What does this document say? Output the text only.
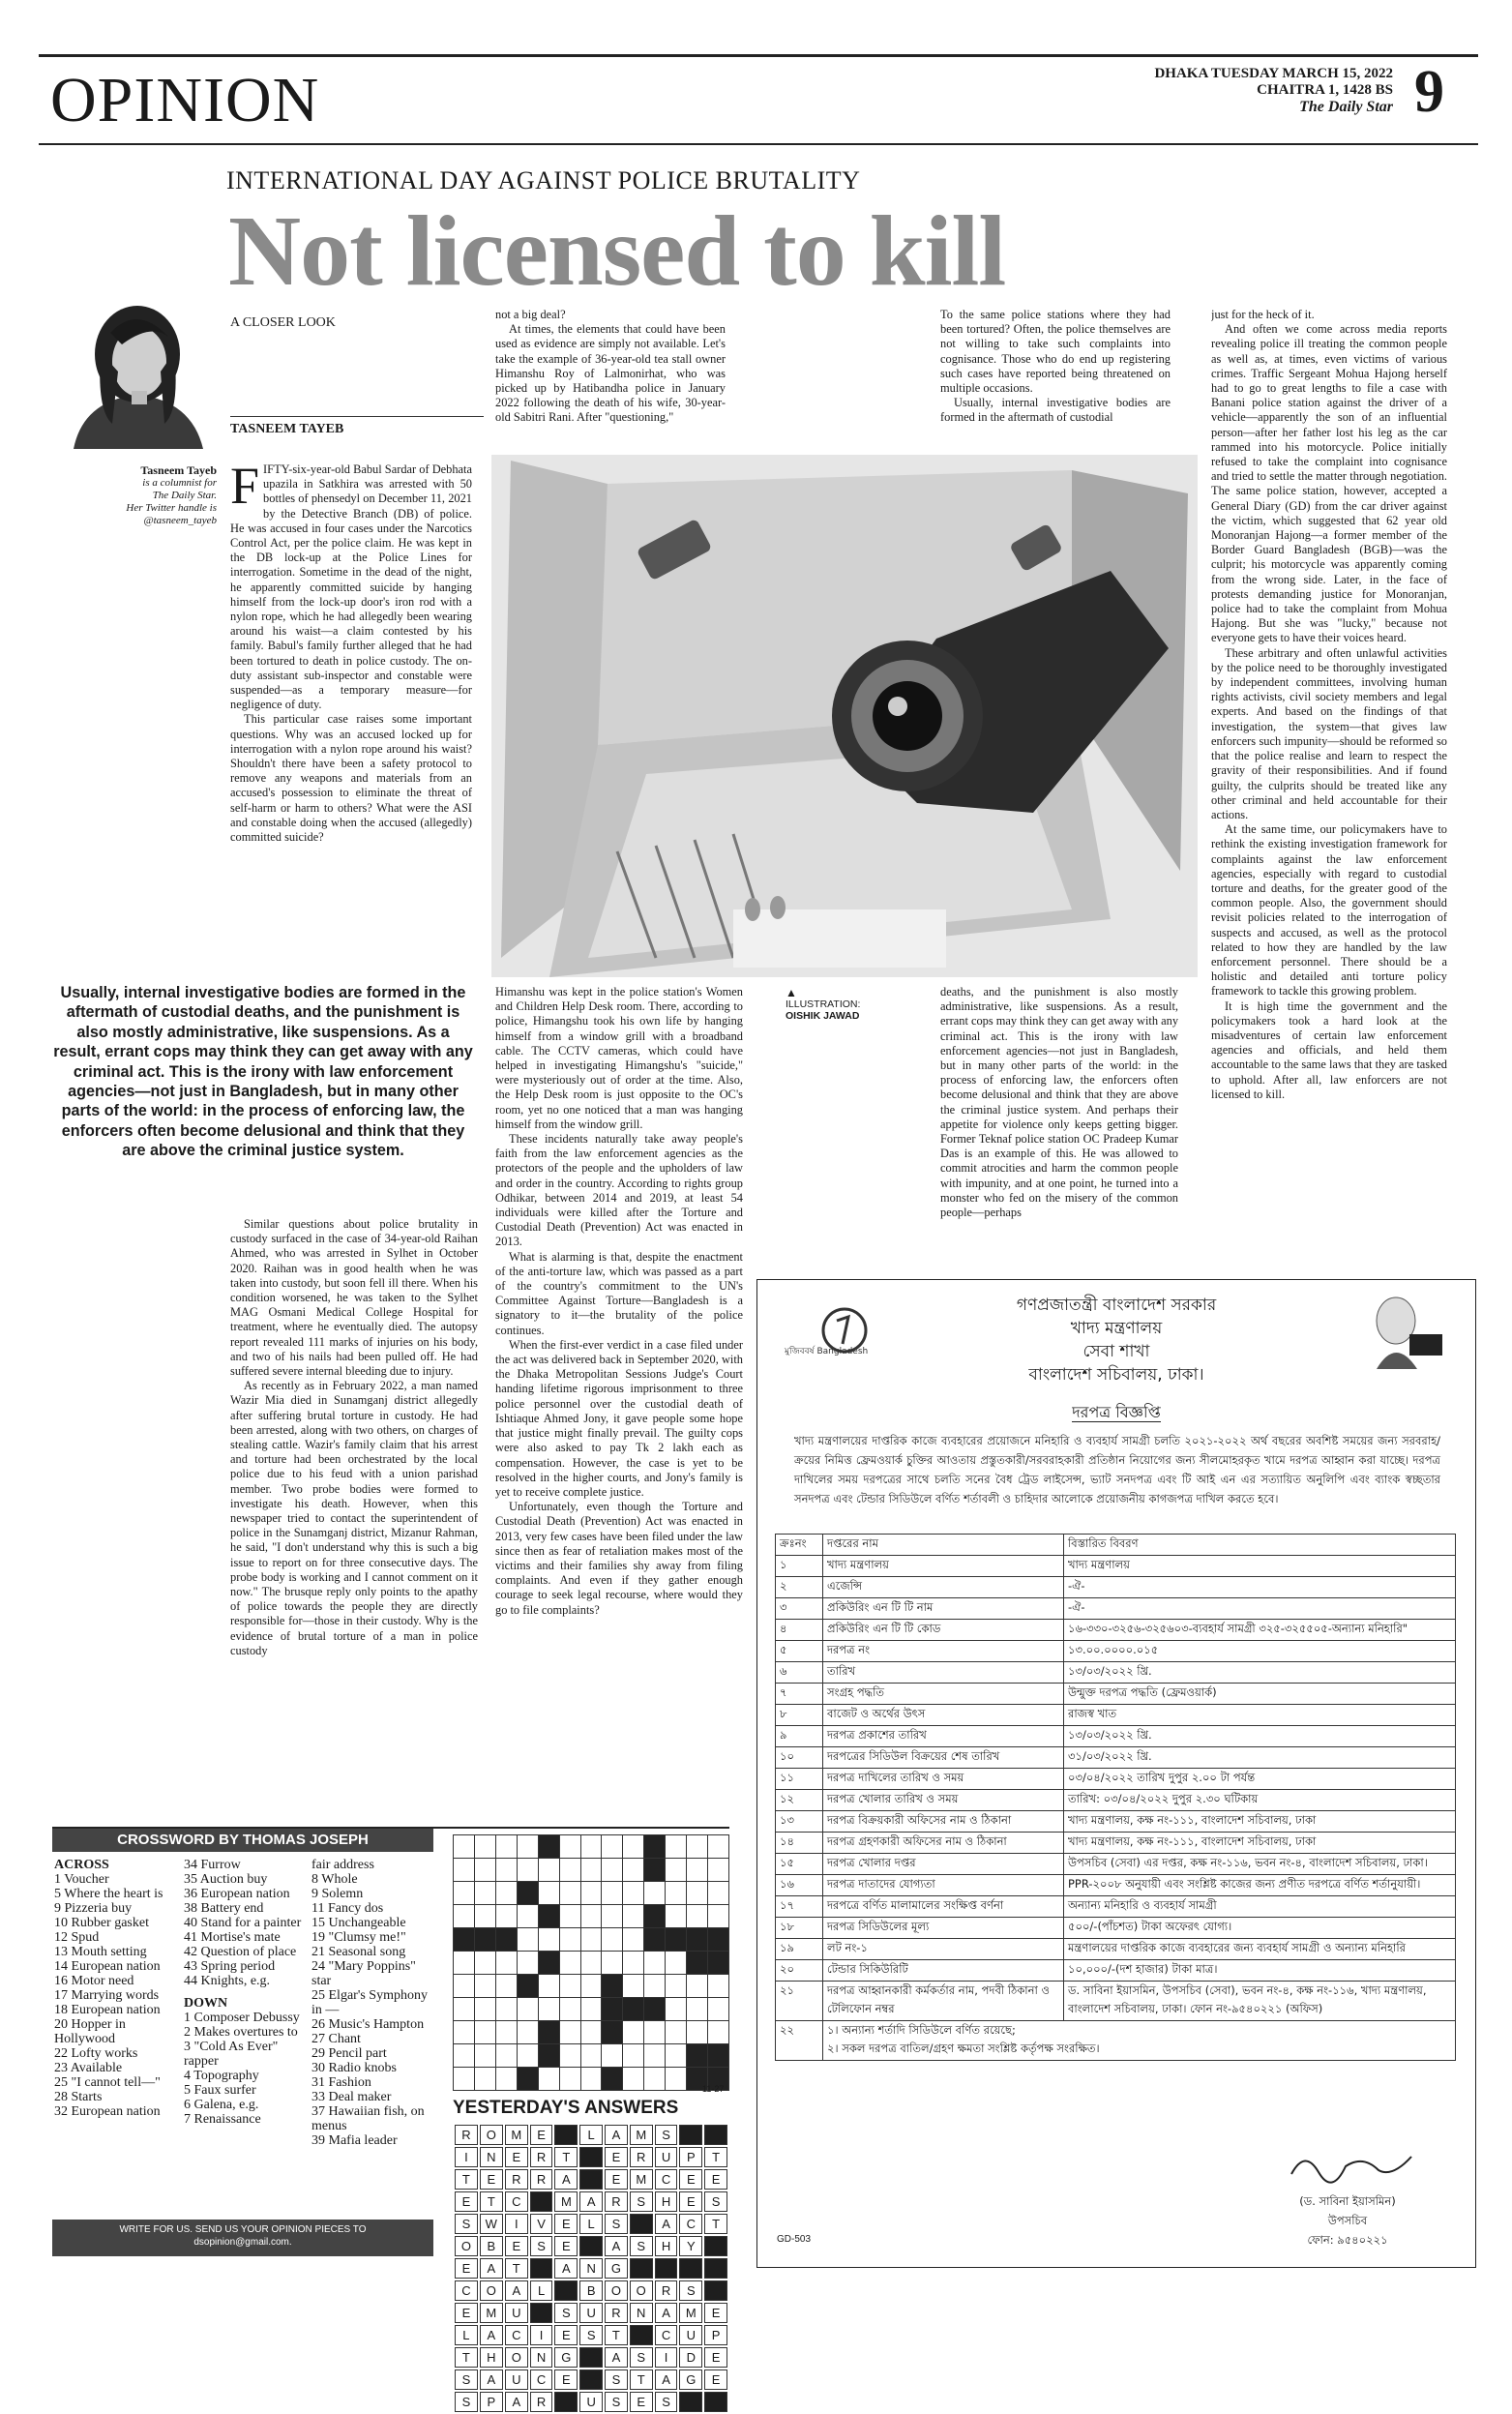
OPINION	DHAKA TUESDAY MARCH 15, 2022
CHAITRA 1, 1428 BS
The Daily Star 9
INTERNATIONAL DAY AGAINST POLICE BRUTALITY
Not licensed to kill
A CLOSER LOOK
TASNEEM TAYEB
Tasneem Tayeb
is a columnist for
The Daily Star.
Her Twitter handle is
@tasneem_tayeb

FIFTY-six-year-old Babul Sardar of Debhata upazila in Satkhira was arrested with 50 bottles of phensedyl on December 11, 2021 by the Detective Branch (DB) of police. He was accused in four cases under the Narcotics Control Act, per the police claim. He was kept in the DB lock-up at the Police Lines for interrogation. Sometime in the dead of the night, he apparently committed suicide by hanging himself from the lock-up door's iron rod with a nylon rope, which he had allegedly been wearing around his waist—a claim contested by his family. Babul's family further alleged that he had been tortured to death in police custody. The on-duty assistant sub-inspector and constable were suspended—as a temporary measure—for negligence of duty.

This particular case raises some important questions. Why was an accused locked up for interrogation with a nylon rope around his waist? Shouldn't there have been a safety protocol to remove any weapons and materials from an accused's possession to eliminate the threat of self-harm or harm to others? What were the ASI and constable doing when the accused (allegedly) committed suicide?

not a big deal?

At times, the elements that could have been used as evidence are simply not available. Let's take the example of 36-year-old tea stall owner Himanshu Roy of Lalmonirhat, who was picked up by Hatibandha police in January 2022 following the death of his wife, 30-year-old Sabitri Rani. After "questioning,"

To the same police stations where they had been tortured? Often, the police themselves are not willing to take such complaints into cognisance. Those who do end up registering such cases have reported being threatened on multiple occasions.

Usually, internal investigative bodies are formed in the aftermath of custodial

just for the heck of it.

And often we come across media reports revealing police ill treating the common people as well as, at times, even victims of various crimes. Traffic Sergeant Mohua Hajong herself had to go to great lengths to file a case with Banani police station against the driver of a vehicle—apparently the son of an influential person—after her father lost his leg as the car rammed into his motorcycle. Police initially refused to take the complaint into cognisance and tried to settle the matter through negotiation. The same police station, however, accepted a General Diary (GD) from the car driver against the victim, which suggested that 62 year old Monoranjan Hajong—a former member of the Border Guard Bangladesh (BGB)—was the culprit; his motorcycle was apparently coming from the wrong side. Later, in the face of protests demanding justice for Monoranjan, police had to take the complaint from Mohua Hajong. But she was "lucky," because not everyone gets to have their voices heard.

These arbitrary and often unlawful activities by the police need to be thoroughly investigated by independent committees, involving human rights activists, civil society members and legal experts. And based on the findings of that investigation, the system—that gives law enforcers such impunity—should be reformed so that the police realise and learn to respect the gravity of their responsibilities. And if found guilty, the culprits should be treated like any other criminal and held accountable for their actions.

At the same time, our policymakers have to rethink the existing investigation framework for complaints against the law enforcement agencies, especially with regard to custodial torture and deaths, for the greater good of the common people. Also, the government should revisit policies related to the interrogation of suspects and accused, as well as the protocol related to how they are handled by the law enforcement personnel. There should be a holistic and detailed anti torture policy framework to tackle this growing problem.

It is high time the government and the policymakers took a hard look at the misadventures of certain law enforcement agencies and officials, and held them accountable to the same laws that they are tasked to uphold. After all, law enforcers are not licensed to kill.

Usually, internal investigative bodies are formed in the aftermath of custodial deaths, and the punishment is also mostly administrative, like suspensions. As a result, errant cops may think they can get away with any criminal act. This is the irony with law enforcement agencies—not just in Bangladesh, but in many other parts of the world: in the process of enforcing law, the enforcers often become delusional and think that they are above the criminal justice system.

Similar questions about police brutality in custody surfaced in the case of 34-year-old Raihan Ahmed, who was arrested in Sylhet in October 2020. Raihan was in good health when he was taken into custody, but soon fell ill there. When his condition worsened, he was taken to the Sylhet MAG Osmani Medical College Hospital for treatment, where he eventually died. The autopsy report revealed 111 marks of injuries on his body, and two of his nails had been pulled off. He had suffered severe internal bleeding due to injury.

As recently as in February 2022, a man named Wazir Mia died in Sunamganj district allegedly after suffering brutal torture in custody. He had been arrested, along with two others, on charges of stealing cattle. Wazir's family claim that his arrest and torture had been orchestrated by the local police due to his feud with a union parishad member. Two probe bodies were formed to investigate his death. However, when this newspaper tried to contact the superintendent of police in the Sunamganj district, Mizanur Rahman, he said, "I don't understand why this is such a big issue to report on for three consecutive days. The probe body is working and I cannot comment on it now." The brusque reply only points to the apathy of police towards the people they are directly responsible for—those in their custody. Why is the evidence of brutal torture of a man in police custody

Himanshu was kept in the police station's Women and Children Help Desk room. There, according to police, Himangshu took his own life by hanging himself from a window grill with a broadband cable. The CCTV cameras, which could have helped in investigating Himangshu's "suicide," were mysteriously out of order at the time. Also, the Help Desk room is just opposite to the OC's room, yet no one noticed that a man was hanging himself from the window grill.

These incidents naturally take away people's faith from the law enforcement agencies as the protectors of the people and the upholders of law and order in the country. According to rights group Odhikar, between 2014 and 2019, at least 54 individuals were killed after the Torture and Custodial Death (Prevention) Act was enacted in 2013.

What is alarming is that, despite the enactment of the anti-torture law, which was passed as a part of the country's commitment to the UN's Committee Against Torture—Bangladesh is a signatory to it—the brutality of the police continues.

When the first-ever verdict in a case filed under the act was delivered back in September 2020, with the Dhaka Metropolitan Sessions Judge's Court handing lifetime rigorous imprisonment to three police personnel over the custodial death of Ishtiaque Ahmed Jony, it gave people some hope that justice might finally prevail. The guilty cops were also asked to pay Tk 2 lakh each as compensation. However, the case is yet to be resolved in the higher courts, and Jony's family is yet to receive complete justice.

Unfortunately, even though the Torture and Custodial Death (Prevention) Act was enacted in 2013, very few cases have been filed under the law since then as fear of retaliation makes most of the victims and their families shy away from filing complaints. And even if they gather enough courage to seek legal recourse, where would they go to file complaints?

▲
ILLUSTRATION:
OISHIK JAWAD

deaths, and the punishment is also mostly administrative, like suspensions. As a result, errant cops may think they can get away with any criminal act. This is the irony with law enforcement agencies—not just in Bangladesh, but in many other parts of the world: in the process of enforcing law, the enforcers often become delusional and think that they are above the criminal justice system. And perhaps their appetite for violence only keeps getting bigger. Former Teknaf police station OC Pradeep Kumar Das is an example of this. He was allowed to commit atrocities and harm the common people with impunity, and at one point, he turned into a monster who fed on the misery of the common people—perhaps

CROSSWORD BY THOMAS JOSEPH
ACROSS
1 Voucher
5 Where the heart is
9 Pizzeria buy
10 Rubber gasket
12 Spud
13 Mouth setting
14 European nation
16 Motor need
17 Marrying words
18 European nation
20 Hopper in Hollywood
22 Lofty works
23 Available
25 "I cannot tell—"
28 Starts
32 European nation
34 Furrow
35 Auction buy
36 European nation
38 Battery end
40 Stand for a painter
41 Mortise's mate
42 Question of place
43 Spring period
44 Knights, e.g.
DOWN
1 Composer Debussy
2 Makes overtures to
3 "Cold As Ever" rapper
4 Topography
5 Faux surfer
6 Galena, e.g.
7 Renaissance
fair address
8 Whole
9 Solemn
11 Fancy dos
15 Unchangeable
19 "Clumsy me!"
21 Seasonal song
24 "Mary Poppins" star
25 Elgar's Symphony in —
26 Music's Hampton
27 Chant
29 Pencil part
30 Radio knobs
31 Fashion
33 Deal maker
37 Hawaiian fish, on menus
39 Mafia leader

11-27
YESTERDAY'S ANSWERS
R	O	M	E		L	A	M	S		
I	N	E	R	T		E	R	U	P	T
T	E	R	R	A		E	M	C	E	E
E	T	C		M	A	R	S	H	E	S
S	W	I	V	E	L	S		A	C	T
O	B	E	S	E		A	S	H	Y	
E	A	T		A	N	G				
C	O	A	L		B	O	O	R	S	
E	M	U		S	U	R	N	A	M	E
L	A	C	I	E	S	T		C	U	P
T	H	O	N	G		A	S	I	D	E
S	A	U	C	E		S	T	A	G	E
S	P	A	R		U	S	E	S		
WRITE FOR US. SEND US YOUR OPINION PIECES TO
dsopinion@gmail.com.
মুজিববর্ষ Bangladesh
গণপ্রজাতন্ত্রী বাংলাদেশ সরকার
খাদ্য মন্ত্রণালয়
সেবা শাখা
বাংলাদেশ সচিবালয়, ঢাকা।
দরপত্র বিজ্ঞপ্তি
খাদ্য মন্ত্রণালয়ের দাপ্তরিক কাজে ব্যবহারের প্রয়োজনে মনিহারি ও ব্যবহার্য সামগ্রী চলতি ২০২১-২০২২ অর্থ বছরের অবশিষ্ট সময়ের জন্য সরবরাহ/ক্রয়ের নিমিত্ত ফ্রেমওয়ার্ক চুক্তির আওতায় প্রস্তুতকারী/সরবরাহকারী প্রতিষ্ঠান নিয়োগের জন্য সীলমোহরকৃত খামে দরপত্র আহ্বান করা যাচ্ছে। দরপত্র দাখিলের সময় দরপত্রের সাথে চলতি সনের বৈধ ট্রেড লাইসেন্স, ভ্যাট সনদপত্র এবং টি আই এন এর সত্যায়িত অনুলিপি এবং ব্যাংক স্বচ্ছতার সনদপত্র এবং টেন্ডার সিডিউলে বর্ণিত শর্তাবলী ও চাহিদার আলোকে প্রয়োজনীয় কাগজপত্র দাখিল করতে হবে।
ক্রঃনং	দপ্তরের নাম	বিস্তারিত বিবরণ
১	খাদ্য মন্ত্রণালয়	খাদ্য মন্ত্রণালয়
২	এজেন্সি	-ঐ-
৩	প্রকিউরিং এন টি টি নাম	-ঐ-
৪	প্রকিউরিং এন টি টি কোড	১৬-৩৩০-৩২৫৬-৩২৫৬০৩-ব্যবহার্য সামগ্রী ৩২৫-৩২৫৫০৫-অন্যান্য মনিহারি"
৫	দরপত্র নং	১৩.০০.০০০০.০১৫
৬	তারিখ	১৩/০৩/২০২২ খ্রি.
৭	সংগ্রহ পদ্ধতি	উন্মুক্ত দরপত্র পদ্ধতি (ফ্রেমওয়ার্ক)
৮	বাজেট ও অর্থের উৎস	রাজস্ব খাত
৯	দরপত্র প্রকাশের তারিখ	১৩/০৩/২০২২ খ্রি.
১০	দরপত্রের সিডিউল বিক্রয়ের শেষ তারিখ	৩১/০৩/২০২২ খ্রি.
১১	দরপত্র দাখিলের তারিখ ও সময়	০৩/০৪/২০২২ তারিখ দুপুর ২.০০ টা পর্যন্ত
১২	দরপত্র খোলার তারিখ ও সময়	তারিখ: ০৩/০৪/২০২২ দুপুর ২.৩০ ঘটিকায়
১৩	দরপত্র বিক্রয়কারী অফিসের নাম ও ঠিকানা	খাদ্য মন্ত্রণালয়, কক্ষ নং-১১১, বাংলাদেশ সচিবালয়, ঢাকা
১৪	দরপত্র গ্রহণকারী অফিসের নাম ও ঠিকানা	খাদ্য মন্ত্রণালয়, কক্ষ নং-১১১, বাংলাদেশ সচিবালয়, ঢাকা
১৫	দরপত্র খোলার দপ্তর	উপসচিব (সেবা) এর দপ্তর, কক্ষ নং-১১৬, ভবন নং-৪, বাংলাদেশ সচিবালয়, ঢাকা।
১৬	দরপত্র দাতাদের যোগ্যতা	PPR-২০০৮ অনুযায়ী এবং সংশ্লিষ্ট কাজের জন্য প্রণীত দরপত্রে বর্ণিত শর্তানুযায়ী।
১৭	দরপত্রে বর্ণিত মালামালের সংক্ষিপ্ত বর্ণনা	অন্যান্য মনিহারি ও ব্যবহার্য সামগ্রী
১৮	দরপত্র সিডিউলের মূল্য	৫০০/-(পাঁচশত) টাকা অফেরৎ যোগ্য।
১৯	লট নং-১	মন্ত্রণালয়ের দাপ্তরিক কাজে ব্যবহারের জন্য ব্যবহার্য সামগ্রী ও অন্যান্য মনিহারি
২০	টেন্ডার সিকিউরিটি	১০,০০০/-(দশ হাজার) টাকা মাত্র।
২১	দরপত্র আহ্বানকারী কর্মকর্তার নাম, পদবী ঠিকানা ও টেলিফোন নম্বর	ড. সাবিনা ইয়াসমিন, উপসচিব (সেবা), ভবন নং-৪, কক্ষ নং-১১৬, খাদ্য মন্ত্রণালয়, বাংলাদেশ সচিবালয়, ঢাকা। ফোন নং-৯৫৪০২২১ (অফিস)
২২	১। অন্যান্য শর্তাদি সিডিউলে বর্ণিত রয়েছে;
২। সকল দরপত্র বাতিল/গ্রহণ ক্ষমতা সংশ্লিষ্ট কর্তৃপক্ষ সংরক্ষিত।	
(ড. সাবিনা ইয়াসমিন)
উপসচিব
ফোন: ৯৫৪০২২১
GD-503
